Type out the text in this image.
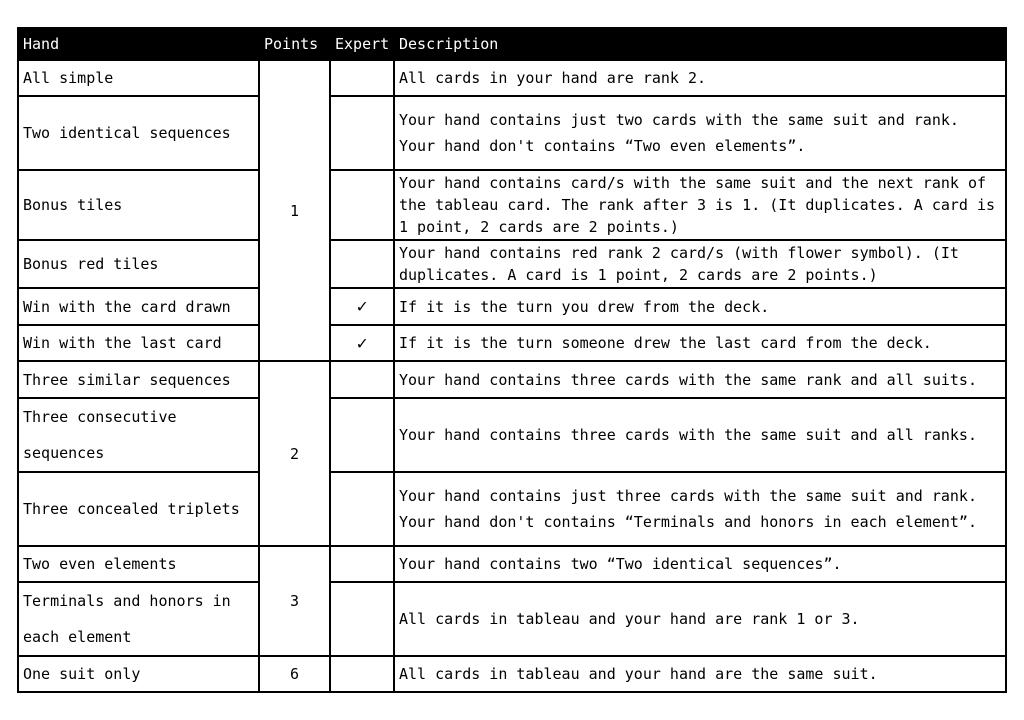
Hand	Points	Expert	Description
All simple	1		All cards in your hand are rank 2.

Two identical sequences			Your hand contains just two cards with the same suit and rank.
Your hand don't contains “Two even elements”.

Bonus tiles			Your hand contains card/s with the same suit and the next rank of the tableau card. The rank after 3 is 1. (It duplicates. A card is 1 point, 2 cards are 2 points.)
Bonus red tiles			Your hand contains red rank 2 card/s (with flower symbol). (It duplicates. A card is 1 point, 2 cards are 2 points.)
Win with the card drawn		✓	If it is the turn you drew from the deck.
Win with the last card		✓	If it is the turn someone drew the last card from the deck.
Three similar sequences	2		Your hand contains three cards with the same rank and all suits.
Three consecutive sequences			Your hand contains three cards with the same suit and all ranks.
Three concealed triplets			Your hand contains just three cards with the same suit and rank.
Your hand don't contains “Terminals and honors in each element”.

Two even elements	3		Your hand contains two “Two identical sequences”.
Terminals and honors in each element			All cards in tableau and your hand are rank 1 or 3.
One suit only	6		All cards in tableau and your hand are the same suit.
